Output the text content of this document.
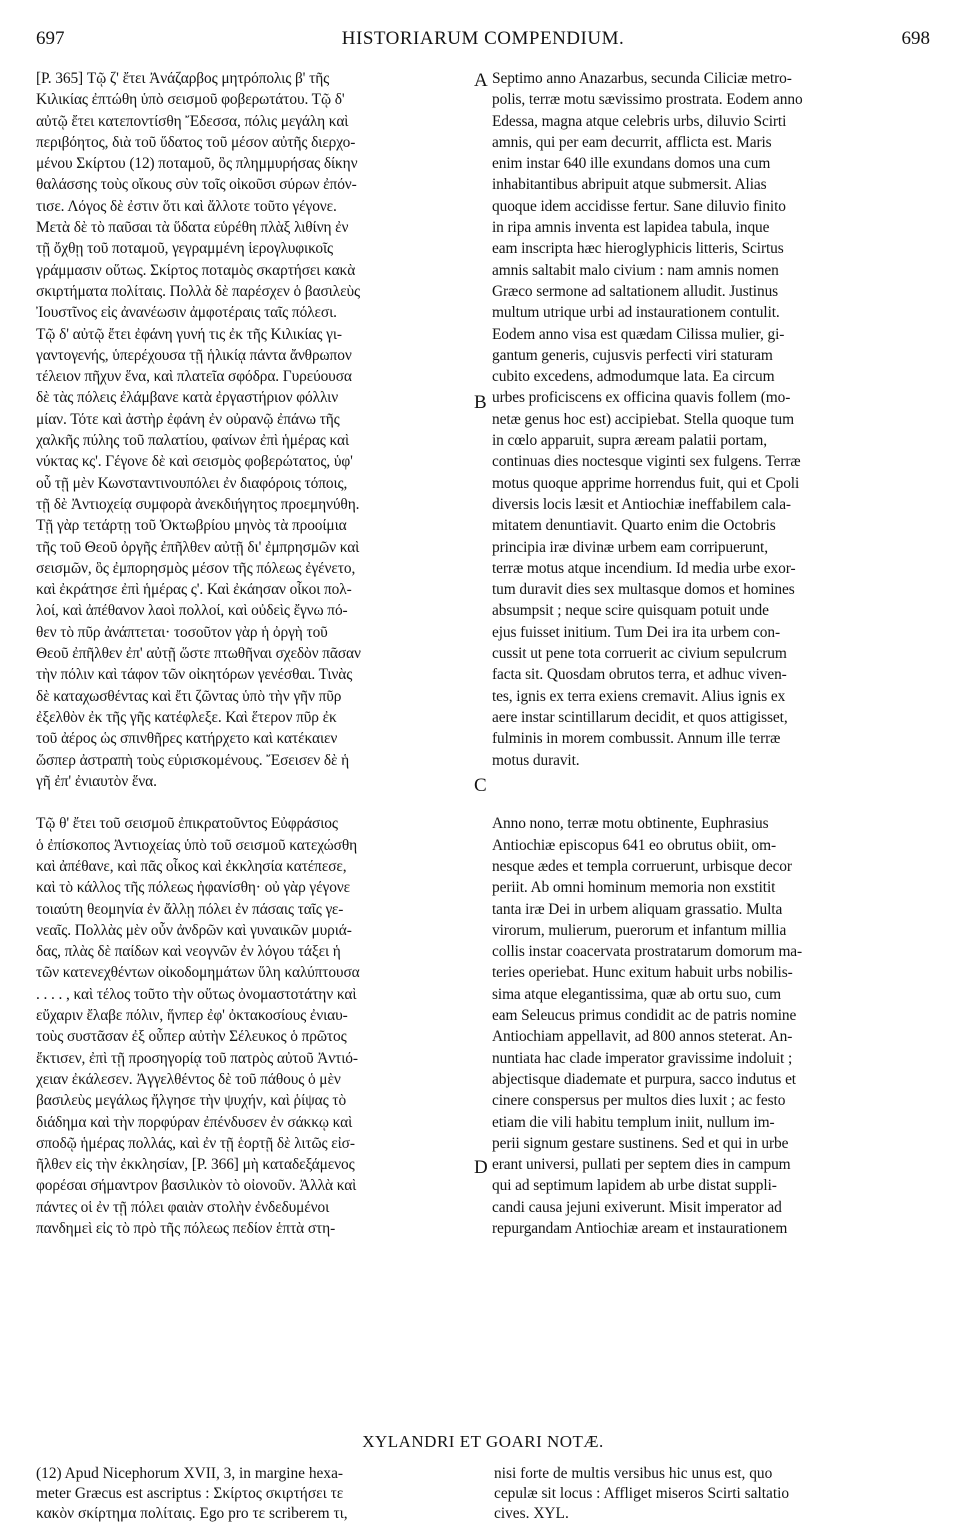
HISTORIARUM COMPENDIUM.
697	698
[P. 365] Τῷ ζ' ἔτει Ἀνάζαρβος μητρόπολις β' τῆς
Κιλικίας ἐπτώθη ὑπὸ σεισμοῦ φοβερωτάτου. Τῷ δ'
αὐτῷ ἔτει κατεποντίσθη Ἔδεσσα, πόλις μεγάλη καὶ
περιβόητος, διὰ τοῦ ὕδατος τοῦ μέσον αὐτῆς διερχο-
μένου Σκίρτου (12) ποταμοῦ, ὃς πλημμυρήσας δίκην
θαλάσσης τοὺς οἴκους σὺν τοῖς οἰκοῦσι σύρων ἐπόν-
τισε. Λόγος δὲ ἐστιν ὅτι καὶ ἄλλοτε τοῦτο γέγονε.
Μετὰ δὲ τὸ παῦσαι τὰ ὕδατα εὑρέθη πλὰξ λιθίνη ἐν
τῇ ὄχθῃ τοῦ ποταμοῦ, γεγραμμένη ἱερογλυφικοῖς
γράμμασιν οὕτως. Σκίρτος ποταμὸς σκαρτήσει κακὰ
σκιρτήματα πολίταις. Πολλὰ δὲ παρέσχεν ὁ βασιλεὺς
Ἰουστῖνος εἰς ἀνανέωσιν ἀμφοτέραις ταῖς πόλεσι.
Τῷ δ' αὐτῷ ἔτει ἐφάνη γυνή τις ἐκ τῆς Κιλικίας γι-
γαντογενής, ὑπερέχουσα τῇ ἡλικίᾳ πάντα ἄνθρωπον
τέλειον πῆχυν ἕνα, καὶ πλατεῖα σφόδρα. Γυρεύουσα
δὲ τὰς πόλεις ἐλάμβανε κατὰ ἐργαστήριον φόλλιν
μίαν. Τότε καὶ ἀστὴρ ἐφάνη ἐν οὐρανῷ ἐπάνω τῆς
χαλκῆς πύλης τοῦ παλατίου, φαίνων ἐπὶ ἡμέρας καὶ
νύκτας κς'. Γέγονε δὲ καὶ σεισμὸς φοβερώτατος, ὑφ'
οὗ τῇ μὲν Κωνσταντινουπόλει ἐν διαφόροις τόποις,
τῇ δὲ Ἀντιοχείᾳ συμφορὰ ἀνεκδιήγητος προεμηνύθη.
Τῇ γὰρ τετάρτῃ τοῦ Ὀκτωβρίου μηνὸς τὰ προοίμια
τῆς τοῦ Θεοῦ ὀργῆς ἐπῆλθεν αὐτῇ δι' ἐμπρησμῶν καὶ
σεισμῶν, ὃς ἐμπορησμὸς μέσον τῆς πόλεως ἐγένετο,
καὶ ἐκράτησε ἐπὶ ἡμέρας ς'. Καὶ ἐκάησαν οἶκοι πολ-
λοί, καὶ ἀπέθανον λαοὶ πολλοί, καὶ οὐδεὶς ἔγνω πό-
θεν τὸ πῦρ ἀνάπτεται· τοσοῦτον γὰρ ἡ ὀργὴ τοῦ
Θεοῦ ἐπῆλθεν ἐπ' αὐτῇ ὥστε πτωθῆναι σχεδὸν πᾶσαν
τὴν πόλιν καὶ τάφον τῶν οἰκητόρων γενέσθαι. Τινὰς
δὲ καταχωσθέντας καὶ ἔτι ζῶντας ὑπὸ τὴν γῆν πῦρ
ἐξελθὸν ἐκ τῆς γῆς κατέφλεξε. Καὶ ἕτερον πῦρ ἐκ
τοῦ ἀέρος ὡς σπινθῆρες κατήρχετο καὶ κατέκαιεν
ὥσπερ ἀστραπὴ τοὺς εὑρισκομένους. Ἔσεισεν δὲ ἡ
γῆ ἐπ' ἐνιαυτὸν ἕνα.

Τῷ θ' ἔτει τοῦ σεισμοῦ ἐπικρατοῦντος Εὐφράσιος
ὁ ἐπίσκοπος Ἀντιοχείας ὑπὸ τοῦ σεισμοῦ κατεχώσθη
καὶ ἀπέθανε, καὶ πᾶς οἶκος καὶ ἐκκλησία κατέπεσε,
καὶ τὸ κάλλος τῆς πόλεως ἠφανίσθη· οὐ γὰρ γέγονε
τοιαύτη θεομηνία ἐν ἄλλῃ πόλει ἐν πάσαις ταῖς γε-
νεαῖς. Πολλὰς μὲν οὖν ἀνδρῶν καὶ γυναικῶν μυριά-
δας, πλὰς δὲ παίδων καὶ νεογνῶν ἐν λόγου τάξει ἡ
τῶν κατενεχθέντων οἰκοδομημάτων ὕλη καλύπτουσα
. . . . , καὶ τέλος τοῦτο τὴν οὕτως ὀνομαστοτάτην καὶ
εὔχαριν ἔλαβε πόλιν, ἥνπερ ἐφ' ὀκτακοσίους ἐνιαυ-
τοὺς συστᾶσαν ἐξ οὗπερ αὐτὴν Σέλευκος ὁ πρῶτος
ἔκτισεν, ἐπὶ τῇ προσηγορίᾳ τοῦ πατρὸς αὐτοῦ Ἀντιό-
χειαν ἐκάλεσεν. Ἀγγελθέντος δὲ τοῦ πάθους ὁ μὲν
βασιλεὺς μεγάλως ἤλγησε τὴν ψυχήν, καὶ ῥίψας τὸ
διάδημα καὶ τὴν πορφύραν ἐπένδυσεν ἐν σάκκῳ καὶ
σποδῷ ἡμέρας πολλάς, καὶ ἐν τῇ ἑορτῇ δὲ λιτῶς εἰσ-
ῆλθεν εἰς τὴν ἐκκλησίαν, [P. 366] μὴ καταδεξάμενος
φορέσαι σήμαντρον βασιλικὸν τὸ οἰονοῦν. Ἀλλὰ καὶ
πάντες οἱ ἐν τῇ πόλει φαιὰν στολὴν ἐνδεδυμένοι
πανδημεὶ εἰς τὸ πρὸ τῆς πόλεως πεδίον ἑπτὰ στη-
Septimo anno Anazarbus, secunda Ciliciæ metro-
polis, terræ motu sævissimo prostrata. Eodem anno
Edessa, magna atque celebris urbs, diluvio Scirti
amnis, qui per eam decurrit, afflicta est. Maris
enim instar 640 ille exundans domos una cum
inhabitantibus abripuit atque submersit. Alias
quoque idem accidisse fertur. Sane diluvio finito
in ripa amnis inventa est lapidea tabula, inque
eam inscripta hæc hieroglyphicis litteris, Scirtus
amnis saltabit malo civium : nam amnis nomen
Græco sermone ad saltationem alludit. Justinus
multum utrique urbi ad instaurationem contulit.
Eodem anno visa est quædam Cilissa mulier, gi-
gantum generis, cujusvis perfecti viri staturam
cubito excedens, admodumque lata. Ea circum
urbes proficiscens ex officina quavis follem (mo-
netæ genus hoc est) accipiebat. Stella quoque tum
in cœlo apparuit, supra æream palatii portam,
continuas dies noctesque viginti sex fulgens. Terræ
motus quoque apprime horrendus fuit, qui et Cpoli
diversis locis læsit et Antiochiæ ineffabilem cala-
mitatem denuntiavit. Quarto enim die Octobris
principia iræ divinæ urbem eam corripuerunt,
terræ motus atque incendium. Id media urbe exor-
tum duravit dies sex multasque domos et homines
absumpsit ; neque scire quisquam potuit unde
ejus fuisset initium. Tum Dei ira ita urbem con-
cussit ut pene tota corruerit ac civium sepulcrum
facta sit. Quosdam obrutos terra, et adhuc viven-
tes, ignis ex terra exiens cremavit. Alius ignis ex
aere instar scintillarum decidit, et quos attigisset,
fulminis in morem combussit. Annum ille terræ
motus duravit.

Anno nono, terræ motu obtinente, Euphrasius
Antiochiæ episcopus 641 eo obrutus obiit, om-
nesque ædes et templa corruerunt, urbisque decor
periit. Ab omni hominum memoria non exstitit
tanta iræ Dei in urbem aliquam grassatio. Multa
virorum, mulierum, puerorum et infantum millia
collis instar coacervata prostratarum domorum ma-
teries operiebat. Hunc exitum habuit urbs nobilis-
sima atque elegantissima, quæ ab ortu suo, cum
eam Seleucus primus condidit ac de patris nomine
Antiochiam appellavit, ad 800 annos steterat. An-
nuntiata hac clade imperator gravissime indoluit ;
abjectisque diademate et purpura, sacco indutus et
cinere conspersus per multos dies luxit ; ac festo
etiam die vili habitu templum iniit, nullum im-
perii signum gestare sustinens. Sed et qui in urbe
erant universi, pullati per septem dies in campum
qui ad septimum lapidem ab urbe distat suppli-
candi causa jejuni exiverunt. Misit imperator ad
repurgandam Antiochiæ aream et instaurationem
A
B
C
D
XYLANDRI ET GOARI NOTÆ.
(12) Apud Nicephorum XVII, 3, in margine hexa-
meter Græcus est ascriptus : Σκίρτος σκιρτήσει τε
κακὸν σκίρτημα πολίταις. Ego pro τε scriberem τι,
nisi forte de multis versibus hic unus est, quo
cepulæ sit locus : Affliget miseros Scirti saltatio
cives. XYL.
